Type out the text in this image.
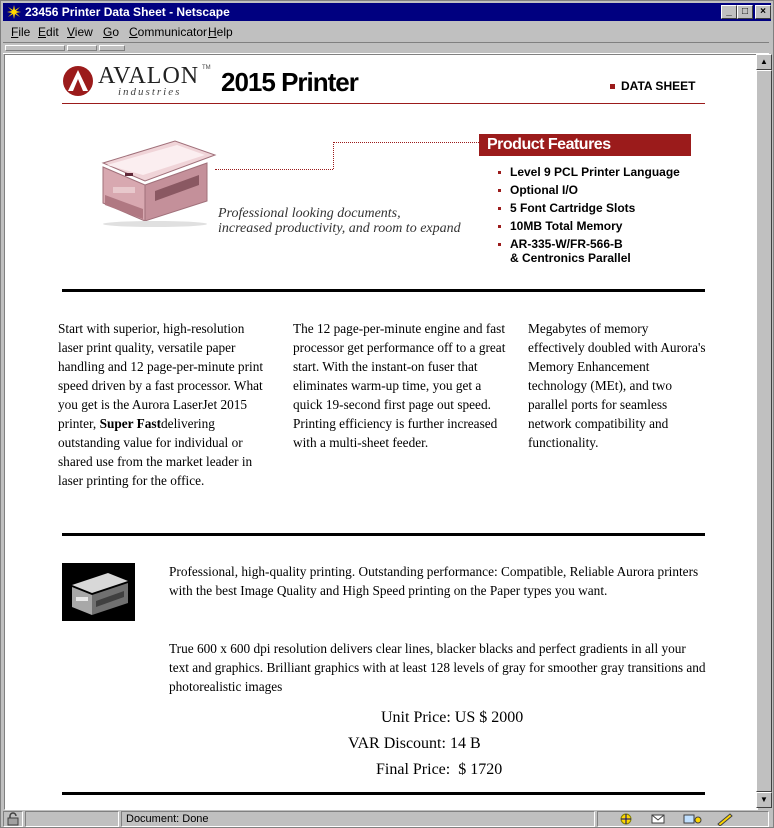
23456 Printer Data Sheet - Netscape	_	□	×
File Edit View Go Communicator Help
AVALON TM
industries 2015 Printer	DATA SHEET
Professional looking documents,
increased productivity, and room to expand
Product Features
Level 9 PCL Printer Language
Optional I/O
5 Font Cartridge Slots
10MB Total Memory
AR-335-W/FR-566-B
& Centronics Parallel
Start with superior, high-resolution laser print quality, versatile paper handling and 12 page-per-minute print speed driven by a fast processor. What you get is the Aurora LaserJet 2015 printer, Super Fastdelivering outstanding value for individual or shared use from the market leader in laser printing for the office.
The 12 page-per-minute engine and fast processor get performance off to a great start. With the instant-on fuser that eliminates warm-up time, you get a quick 19-second first page out speed. Printing efficiency is further increased with a multi-sheet feeder.
Megabytes of memory effectively doubled with Aurora's Memory Enhancement technology (MEt), and two parallel ports for seamless network compatibility and functionality.
Professional, high-quality printing. Outstanding performance: Compatible, Reliable Aurora printers with the best Image Quality and High Speed printing on the Paper types you want.
True 600 x 600 dpi resolution delivers clear lines, blacker blacks and perfect gradients in all your text and graphics. Brilliant graphics with at least 128 levels of gray for smoother gray transitions and photorealistic images
Unit Price: US $ 2000
VAR Discount: 14 B
Final Price:  $ 1720
▲
▼
Document: Done
